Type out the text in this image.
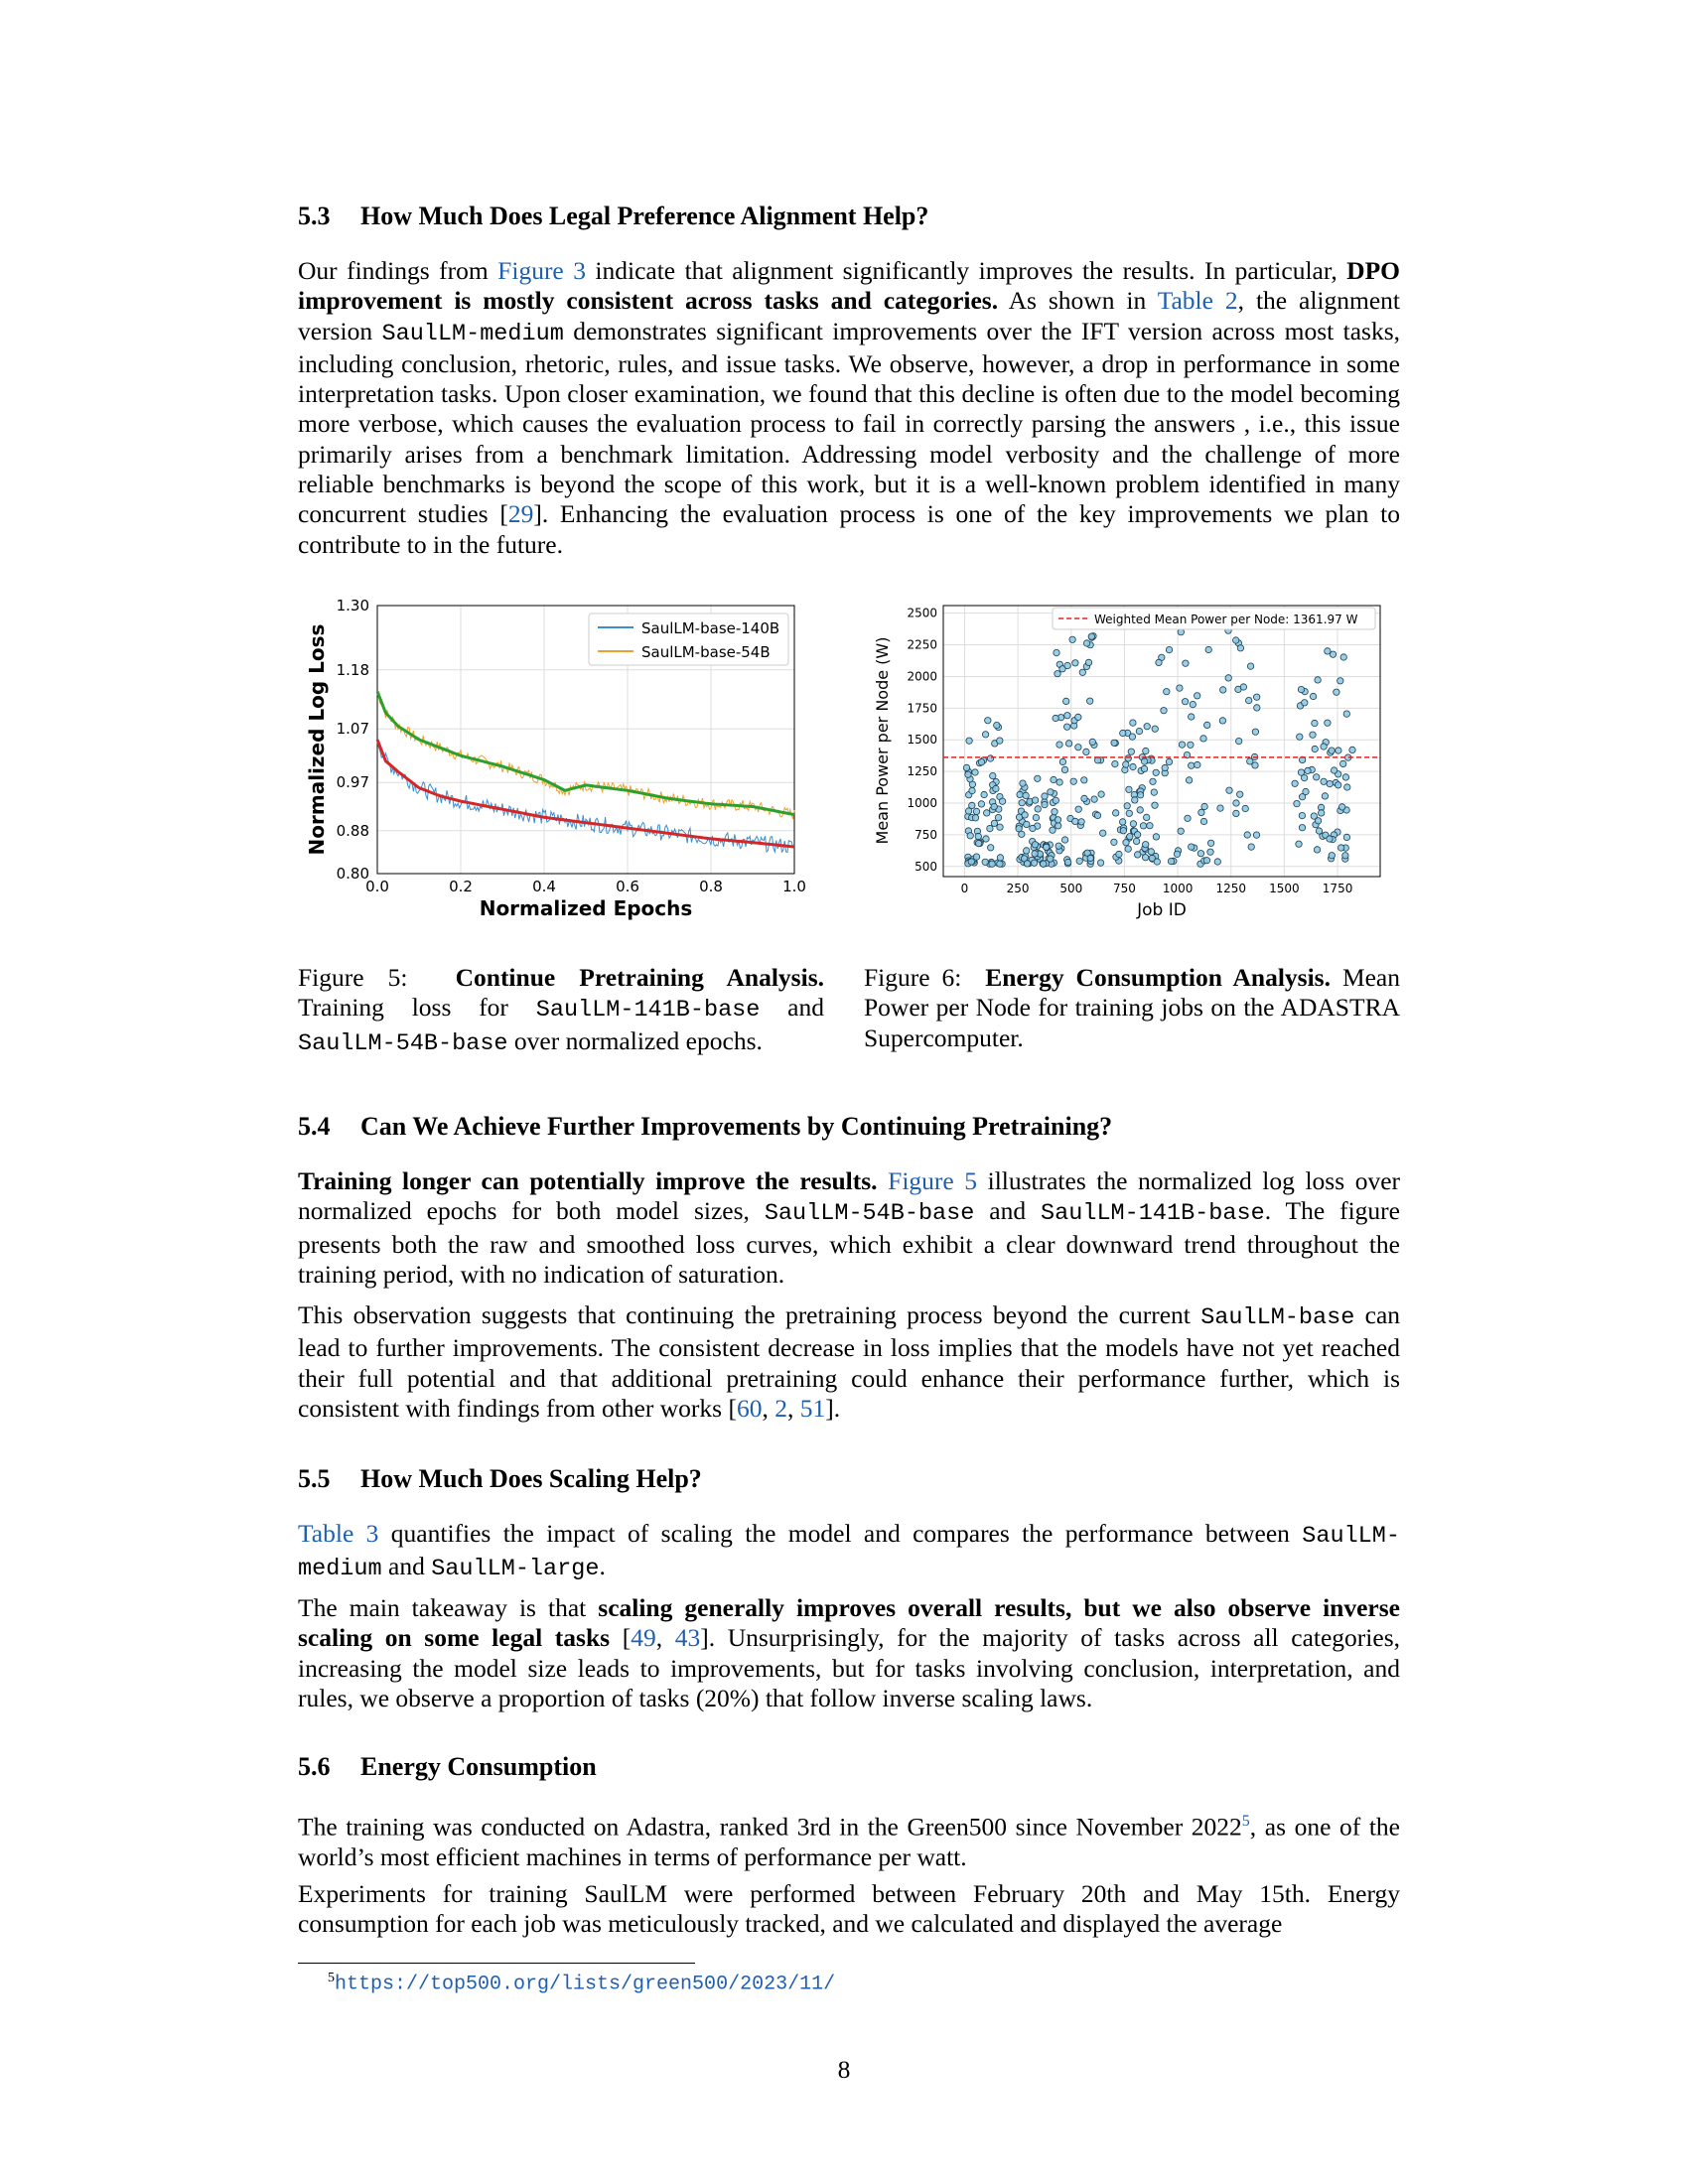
5.3 How Much Does Legal Preference Alignment Help?

Our findings from Figure 3 indicate that alignment significantly improves the results. In particular, DPO improvement is mostly consistent across tasks and categories. As shown in Table 2, the alignment version SaulLM-medium demonstrates significant improvements over the IFT version across most tasks, including conclusion, rhetoric, rules, and issue tasks. We observe, however, a drop in performance in some interpretation tasks. Upon closer examination, we found that this decline is often due to the model becoming more verbose, which causes the evaluation process to fail in correctly parsing the answers , i.e., this issue primarily arises from a benchmark limitation. Addressing model verbosity and the challenge of more reliable benchmarks is beyond the scope of this work, but it is a well-known problem identified in many concurrent studies [29]. Enhancing the evaluation process is one of the key improvements we plan to contribute to in the future.

0.80
0.88
0.97
1.07
1.18
1.30
0.0	0.2	0.4	0.6	0.8	1.0
Normalized Epochs
Normalized Log Loss	SaulLM-base-140B
SaulLM-base-54B
500
750
1000
1250
1500
1750
2000
2250
2500
0	250	500	750 1000 1250 1500 1750
Job ID
Mean Power per Node (W)
Weighted Mean Power per Node: 1361.97 W
Figure 5: Continue Pretraining Analysis. Training loss for SaulLM-141B-base and SaulLM-54B-base over normalized epochs.
Figure 6: Energy Consumption Analysis. Mean Power per Node for training jobs on the ADASTRA Supercomputer.
5.4 Can We Achieve Further Improvements by Continuing Pretraining?

Training longer can potentially improve the results. Figure 5 illustrates the normalized log loss over normalized epochs for both model sizes, SaulLM-54B-base and SaulLM-141B-base. The figure presents both the raw and smoothed loss curves, which exhibit a clear downward trend throughout the training period, with no indication of saturation.

This observation suggests that continuing the pretraining process beyond the current SaulLM-base can lead to further improvements. The consistent decrease in loss implies that the models have not yet reached their full potential and that additional pretraining could enhance their performance further, which is consistent with findings from other works [60, 2, 51].

5.5 How Much Does Scaling Help?

Table 3 quantifies the impact of scaling the model and compares the performance between SaulLM-medium and SaulLM-large.

The main takeaway is that scaling generally improves overall results, but we also observe inverse scaling on some legal tasks [49, 43]. Unsurprisingly, for the majority of tasks across all categories, increasing the model size leads to improvements, but for tasks involving conclusion, interpretation, and rules, we observe a proportion of tasks (20%) that follow inverse scaling laws.

5.6 Energy Consumption

The training was conducted on Adastra, ranked 3rd in the Green500 since November 2022$^5$, as one of the world’s most efficient machines in terms of performance per watt.

Experiments for training SaulLM were performed between February 20th and May 15th. Energy consumption for each job was meticulously tracked, and we calculated and displayed the average

$^5$https://top500.org/lists/green500/2023/11/
8
